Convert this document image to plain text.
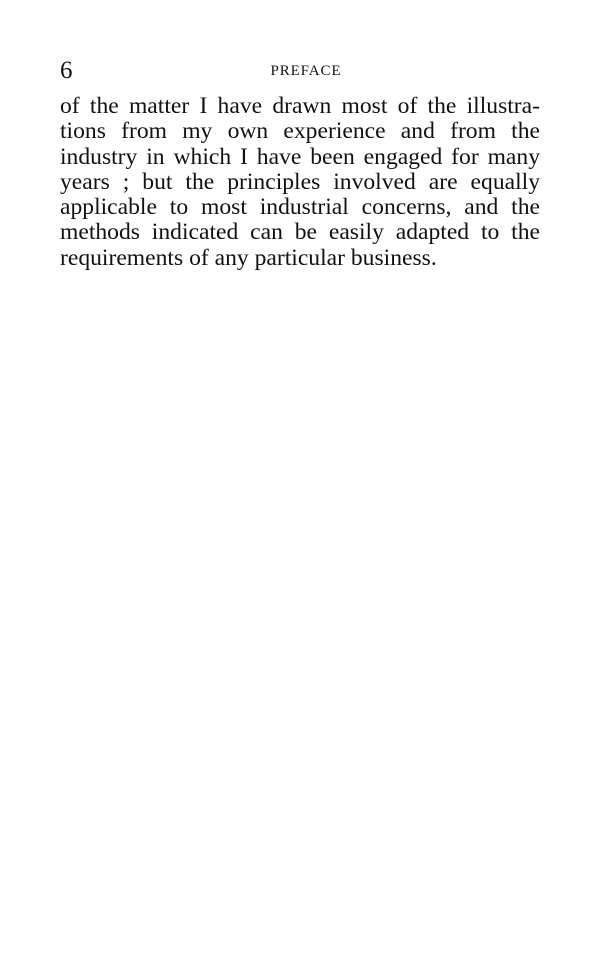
6	PREFACE

of the matter I have drawn most of the illustra-
tions from my own experience and from the
industry in which I have been engaged for many
years ; but the principles involved are equally
applicable to most industrial concerns, and the
methods indicated can be easily adapted to the
requirements of any particular business.
